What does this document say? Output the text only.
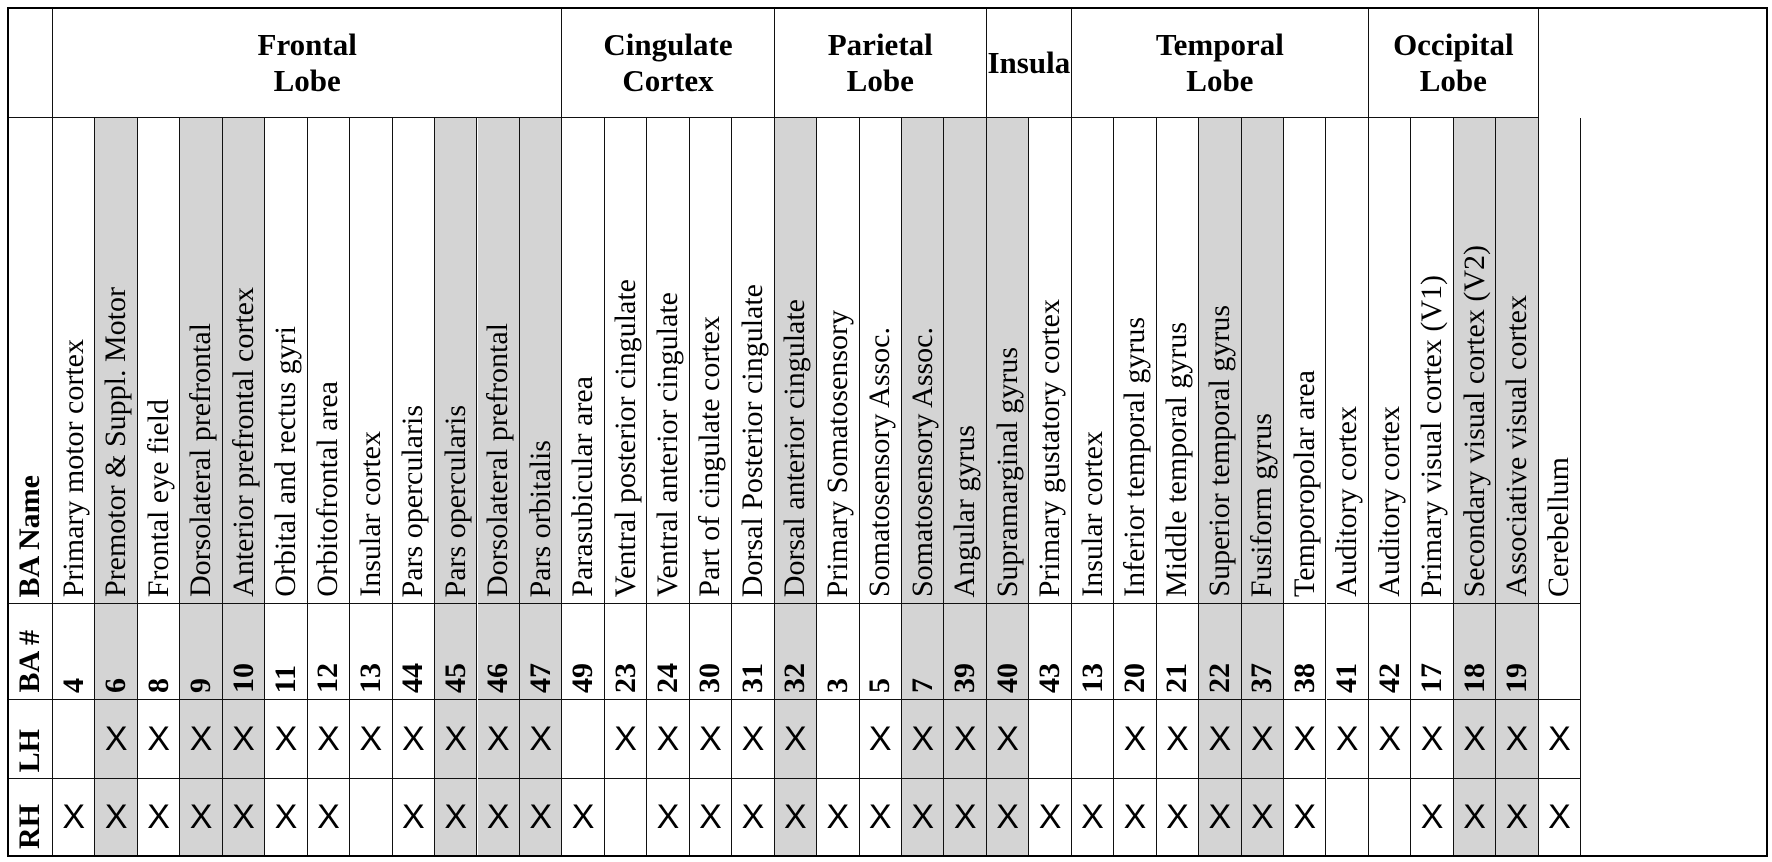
BA Name
BA #
LH
RH
Frontal
Lobe
Cingulate
Cortex
Parietal
Lobe
Insula
Temporal
Lobe
Occipital
Lobe
Primary motor cortex
4
X
Premotor & Suppl. Motor
6
X
X
Frontal eye field
8
X
X
Dorsolateral prefrontal
9
X
X
Anterior prefrontal cortex
10
X
X
Orbital and rectus gyri
11
X
X
Orbitofrontal area
12
X
X
Insular cortex
13
X
Pars opercularis
44
X
X
Pars opercularis
45
X
X
Dorsolateral prefrontal
46
X
X
Pars orbitalis
47
X
X
Parasubicular area
49
X
Ventral posterior cingulate
23
X
Ventral anterior cingulate
24
X
X
Part of cingulate cortex
30
X
X
Dorsal Posterior cingulate
31
X
X
Dorsal anterior cingulate
32
X
X
Primary Somatosensory
3
X
Somatosensory Assoc.
5
X
X
Somatosensory Assoc.
7
X
X
Angular gyrus
39
X
X
Supramarginal gyrus
40
X
X
Primary gustatory cortex
43
X
Insular cortex
13
X
Inferior temporal gyrus
20
X
X
Middle temporal gyrus
21
X
X
Superior temporal gyrus
22
X
X
Fusiform gyrus
37
X
X
Temporopolar area
38
X
X
Auditory cortex
41
X
Auditory cortex
42
X
Primary visual cortex (V1)
17
X
X
Secondary visual cortex (V2)
18
X
X
Associative visual cortex
19
X
X
Cerebellum
X
X
